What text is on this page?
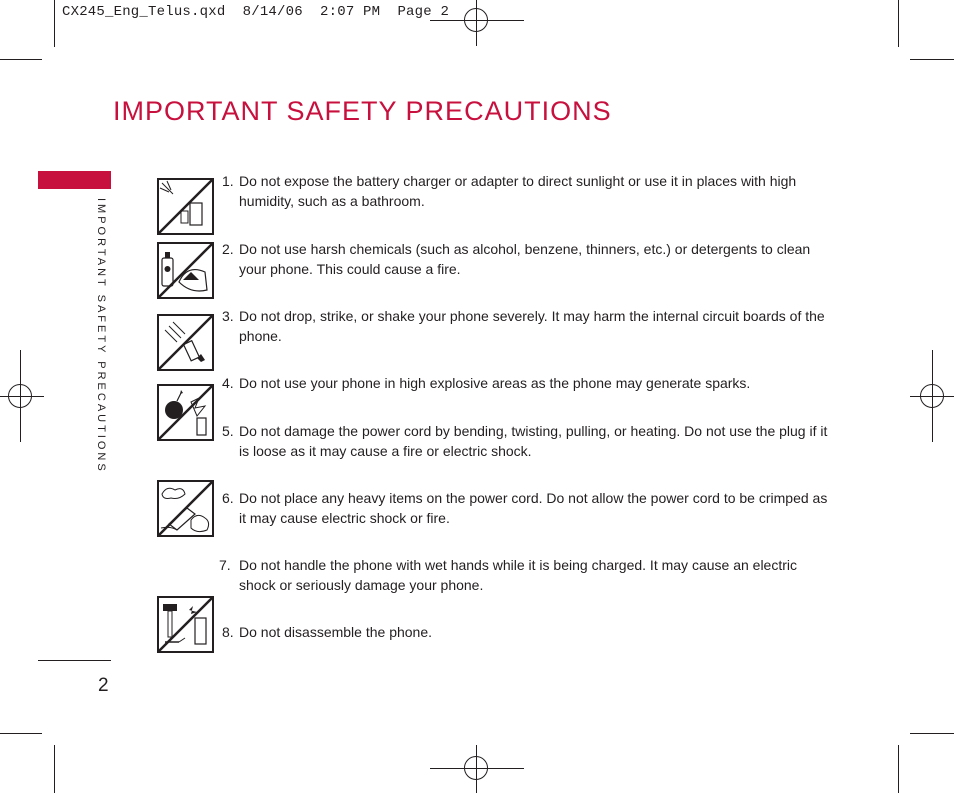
CX245_Eng_Telus.qxd  8/14/06  2:07 PM  Page 2
IMPORTANT SAFETY PRECAUTIONS
IMPORTANT SAFETY PRECAUTIONS
2
1. Do not expose the battery charger or adapter to direct sunlight or use it in places with high humidity, such as a bathroom.
2. Do not use harsh chemicals (such as alcohol, benzene, thinners, etc.) or detergents to clean your phone. This could cause a fire.
3. Do not drop, strike, or shake your phone severely. It may harm the internal circuit boards of the phone.
4. Do not use your phone in high explosive areas as the phone may generate sparks.
5. Do not damage the power cord by bending, twisting, pulling, or heating. Do not use the plug if it is loose as it may cause a fire or electric shock.
6. Do not place any heavy items on the power cord. Do not allow the power cord to be crimped as it may cause electric shock or fire.
7. Do not handle the phone with wet hands while it is being charged. It may cause an electric shock or seriously damage your phone.
8. Do not disassemble the phone.
